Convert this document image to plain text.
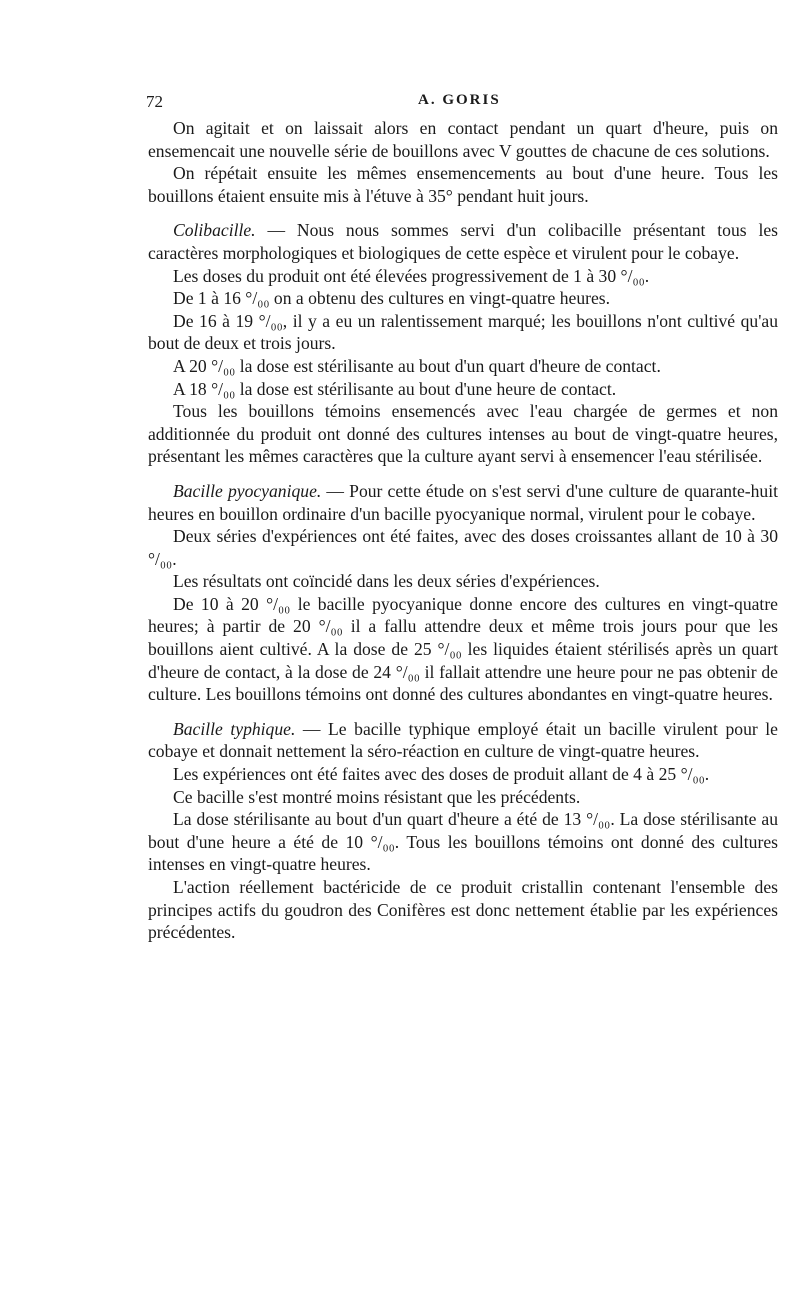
72	A. GORIS

On agitait et on laissait alors en contact pendant un quart d'heure, puis on ensemencait une nouvelle série de bouillons avec V gouttes de chacune de ces solutions.

On répétait ensuite les mêmes ensemencements au bout d'une heure. Tous les bouillons étaient ensuite mis à l'étuve à 35° pendant huit jours.

Colibacille. — Nous nous sommes servi d'un colibacille présentant tous les caractères morphologiques et biologiques de cette espèce et virulent pour le cobaye.

Les doses du produit ont été élevées progressivement de 1 à 30 °/₀₀.

De 1 à 16 °/₀₀ on a obtenu des cultures en vingt-quatre heures.

De 16 à 19 °/₀₀, il y a eu un ralentissement marqué; les bouillons n'ont cultivé qu'au bout de deux et trois jours.

A 20 °/₀₀ la dose est stérilisante au bout d'un quart d'heure de contact.

A 18 °/₀₀ la dose est stérilisante au bout d'une heure de contact.

Tous les bouillons témoins ensemencés avec l'eau chargée de germes et non additionnée du produit ont donné des cultures intenses au bout de vingt-quatre heures, présentant les mêmes caractères que la culture ayant servi à ensemencer l'eau stérilisée.

Bacille pyocyanique. — Pour cette étude on s'est servi d'une culture de quarante-huit heures en bouillon ordinaire d'un bacille pyocyanique normal, virulent pour le cobaye.

Deux séries d'expériences ont été faites, avec des doses croissantes allant de 10 à 30 °/₀₀.

Les résultats ont coïncidé dans les deux séries d'expériences.

De 10 à 20 °/₀₀ le bacille pyocyanique donne encore des cultures en vingt-quatre heures; à partir de 20 °/₀₀ il a fallu attendre deux et même trois jours pour que les bouillons aient cultivé. A la dose de 25 °/₀₀ les liquides étaient stérilisés après un quart d'heure de contact, à la dose de 24 °/₀₀ il fallait attendre une heure pour ne pas obtenir de culture. Les bouillons témoins ont donné des cultures abondantes en vingt-quatre heures.

Bacille typhique. — Le bacille typhique employé était un bacille virulent pour le cobaye et donnait nettement la séro-réaction en culture de vingt-quatre heures.

Les expériences ont été faites avec des doses de produit allant de 4 à 25 °/₀₀.

Ce bacille s'est montré moins résistant que les précédents.

La dose stérilisante au bout d'un quart d'heure a été de 13 °/₀₀. La dose stérilisante au bout d'une heure a été de 10 °/₀₀. Tous les bouillons témoins ont donné des cultures intenses en vingt-quatre heures.

L'action réellement bactéricide de ce produit cristallin contenant l'ensemble des principes actifs du goudron des Conifères est donc nettement établie par les expériences précédentes.
